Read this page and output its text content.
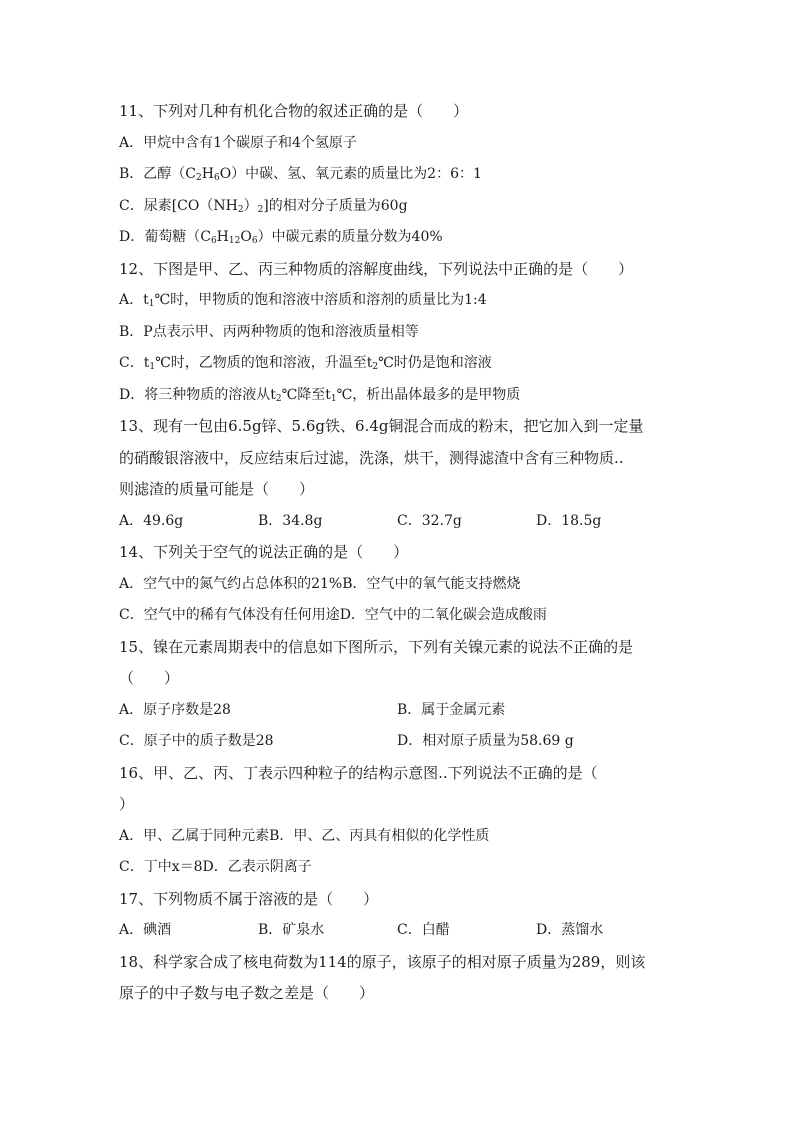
11、下列对几种有机化合物的叙述正确的是（　　）
A．甲烷中含有1个碳原子和4个氢原子
B．乙醇$(C_2H_6O)$中碳、氢、氧元素的质量比为2：6：1
C．尿素$[CO(NH_2)_2]$的相对分子质量为60g
D．葡萄糖$(C_6H_{12}O_6)$中碳元素的质量分数为40%
12、下图是甲、乙、丙三种物质的溶解度曲线，下列说法中正确的是（　　）
A．$t_1℃$时，甲物质的饱和溶液中溶质和溶剂的质量比为1:4
B．P点表示甲、丙两种物质的饱和溶液质量相等
C．$t_1℃$时，乙物质的饱和溶液，升温至$t_2℃$时仍是饱和溶液
D．将三种物质的溶液从$t_2℃$降至$t_1℃$，析出晶体最多的是甲物质
13、现有一包由6.5g锌、5.6g铁、6.4g铜混合而成的粉末，把它加入到一定量
的硝酸银溶液中，反应结束后过滤，洗涤，烘干，测得滤渣中含有三种物质..
则滤渣的质量可能是（　　）
A．49.6g	B．34.8g	C．32.7g	D．18.5g
14、下列关于空气的说法正确的是（　　）
A．空气中的氮气约占总体积的21%B．空气中的氧气能支持燃烧
C．空气中的稀有气体没有任何用途D．空气中的二氧化碳会造成酸雨
15、镍在元素周期表中的信息如下图所示，下列有关镍元素的说法不正确的是
（　　）
A．原子序数是28	B．属于金属元素
C．原子中的质子数是28	D．相对原子质量为58.69 g
16、甲、乙、丙、丁表示四种粒子的结构示意图..下列说法不正确的是（
）
A．甲、乙属于同种元素B．甲、乙、丙具有相似的化学性质
C．丁中x＝8D．乙表示阴离子
17、下列物质不属于溶液的是（　　）
A．碘酒	B．矿泉水	C．白醋	D．蒸馏水
18、科学家合成了核电荷数为114的原子，该原子的相对原子质量为289，则该
原子的中子数与电子数之差是（　　）
